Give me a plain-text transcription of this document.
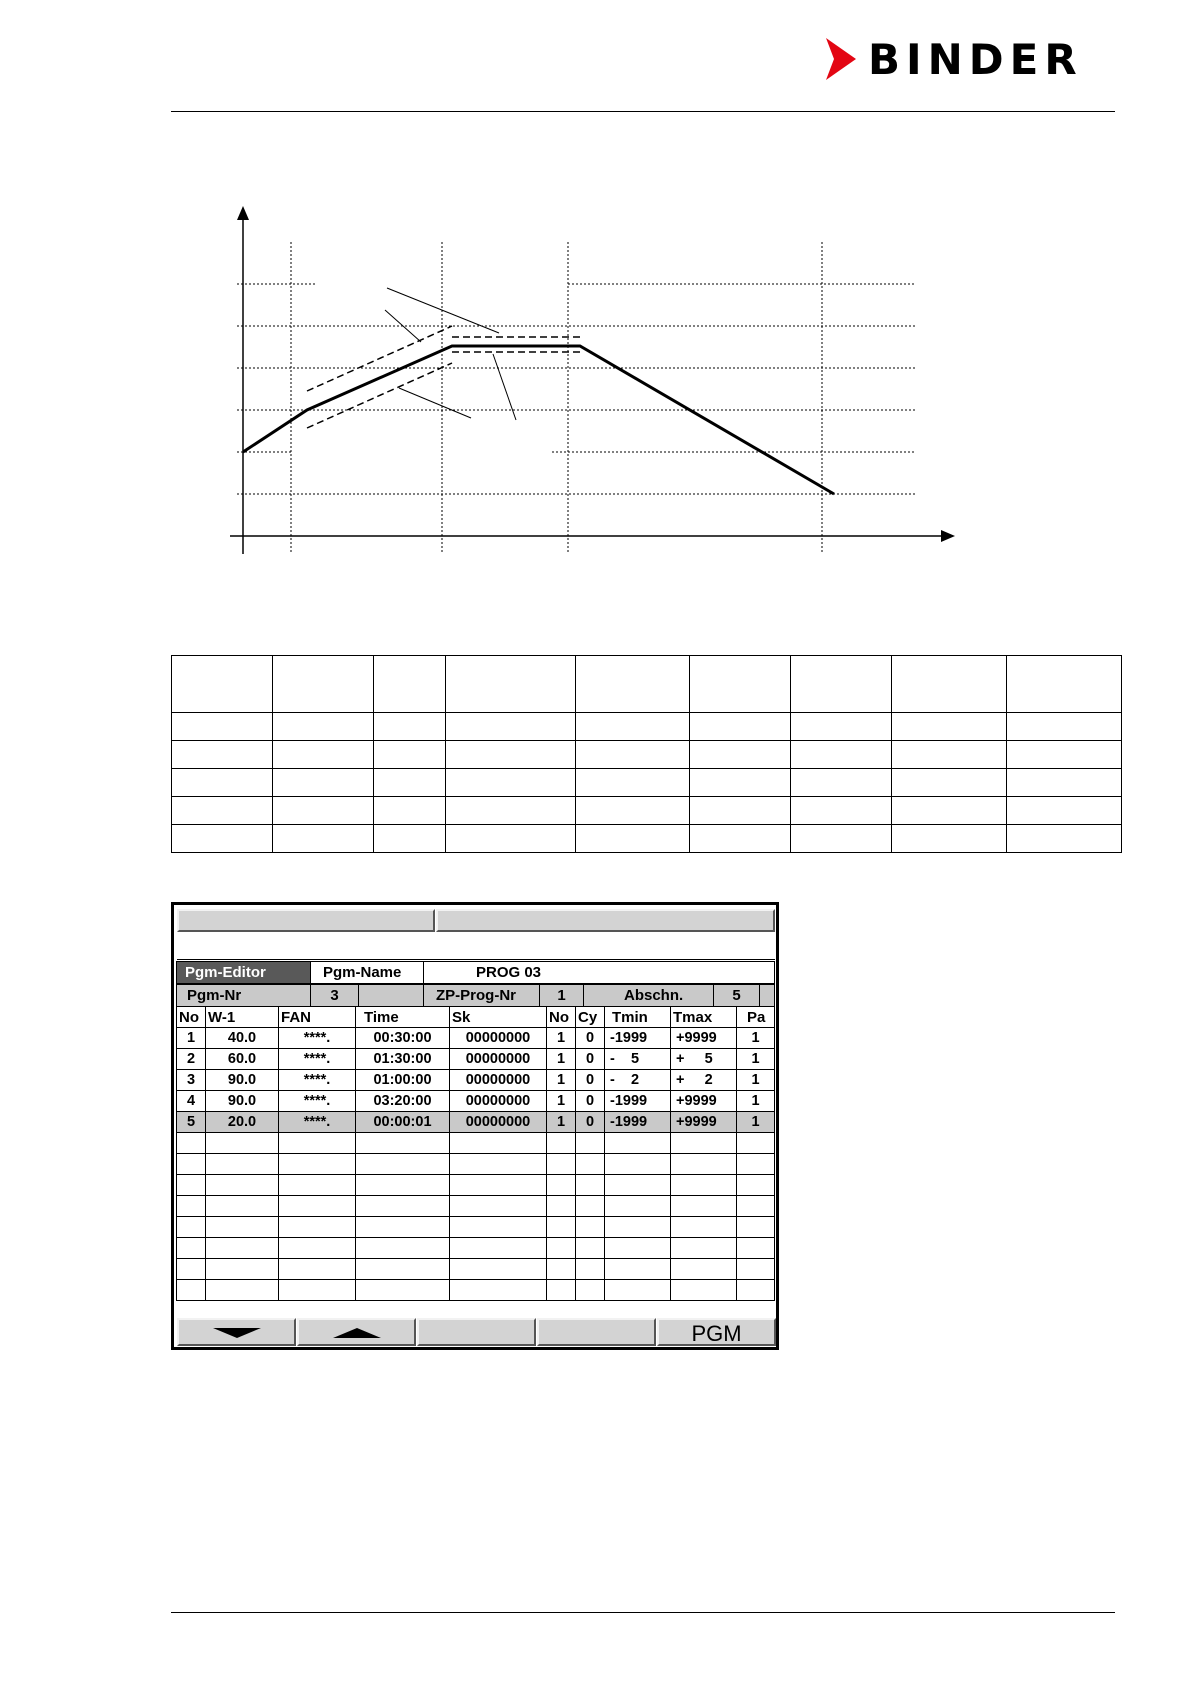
BINDER

Pgm-Editor	Pgm-Name	PROG 03
Pgm-Nr	3	ZP-Prog-Nr	1	Abschn.	5
No	W-1	FAN	Time	Sk	No	Cy	Tmin	Tmax	Pa
1	40.0	****.	00:30:00	00000000	1	0	-1999	+9999	1
2	60.0	****.	01:30:00	00000000	1	0	-    5	+     5	1
3	90.0	****.	01:00:00	00000000	1	0	-    2	+     2	1
4	90.0	****.	03:20:00	00000000	1	0	-1999	+9999	1
5	20.0	****.	00:00:01	00000000	1	0	-1999	+9999	1

PGM
